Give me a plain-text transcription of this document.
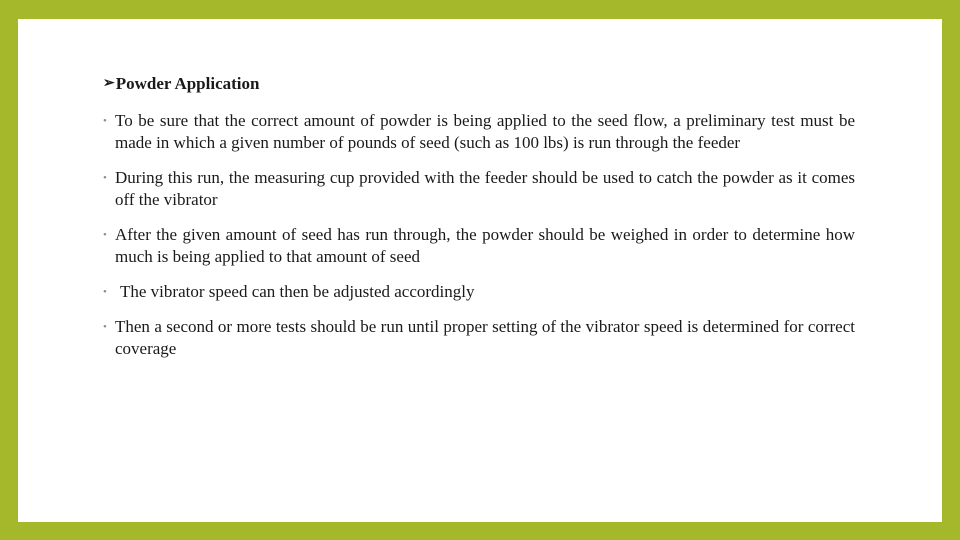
➢ Powder Application
• To be sure that the correct amount of powder is being applied to the seed flow, a preliminary test must be made in which a given number of pounds of seed (such as 100 lbs) is run through the feeder
• During this run, the measuring cup provided with the feeder should be used to catch the powder as it comes off the vibrator
• After the given amount of seed has run through, the powder should be weighed in order to determine how much is being applied to that amount of seed
• The vibrator speed can then be adjusted accordingly
• Then a second or more tests should be run until proper setting of the vibrator speed is determined for correct coverage
